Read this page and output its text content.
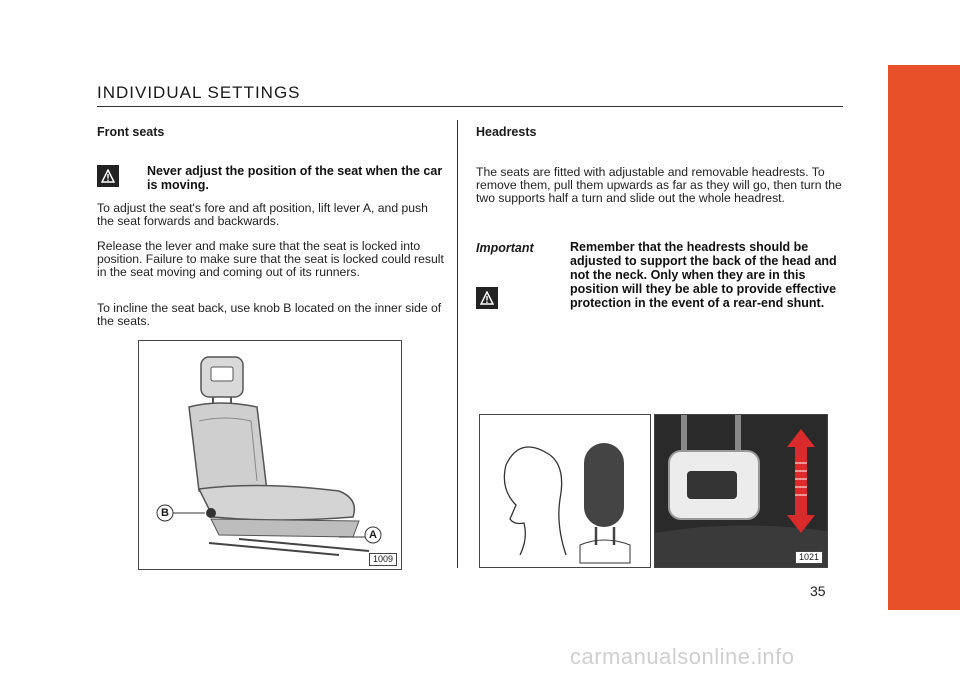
INDIVIDUAL SETTINGS
Front seats

Never adjust the position of the seat when the car is moving.

To adjust the seat's fore and aft position, lift lever A, and push the seat forwards and backwards.

Release the lever and make sure that the seat is locked into position. Failure to make sure that the seat is locked could result in the seat moving and coming out of its runners.

To incline the seat back, use knob B located on the inner side of the seats.

B
A
1009
Headrests

The seats are fitted with adjustable and removable headrests. To remove them, pull them upwards as far as they will go, then turn the two supports half a turn and slide out the whole headrest.

Important	Remember that the headrests should be adjusted to support the back of the head and not the neck. Only when they are in this position will they be able to provide effective protection in the event of a rear-end shunt.

1021
35
carmanualsonline.info
